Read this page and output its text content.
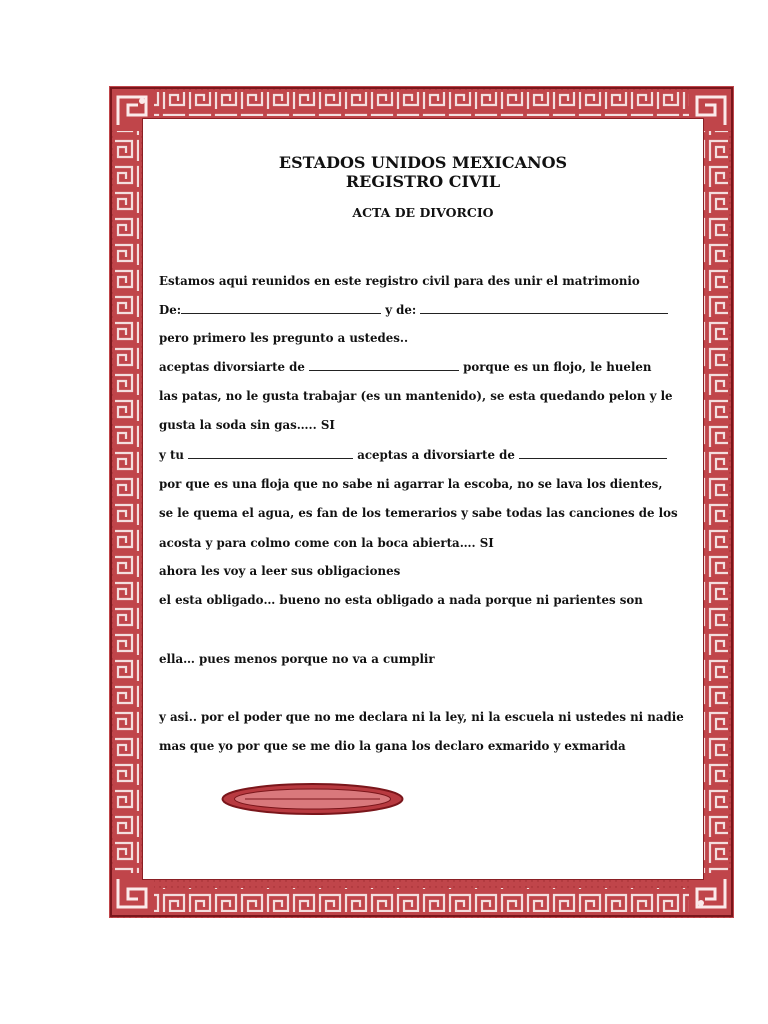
ESTADOS UNIDOS MEXICANOS
REGISTRO CIVIL
ACTA DE DIVORCIO
Estamos aqui reunidos en este registro civil para des unir el matrimonio
De:	y de:
pero primero les pregunto a ustedes..
aceptas divorsiarte de	porque es un flojo, le huelen
las patas, no le gusta trabajar (es un mantenido), se esta quedando pelon y le
gusta la soda sin gas….. SI
y tu	aceptas a divorsiarte de
por que es una floja que no sabe ni agarrar la escoba, no se lava los dientes,
se le quema el agua, es fan de los temerarios y sabe todas las canciones de los
acosta y para colmo come con la boca abierta…. SI
ahora les voy a leer sus obligaciones
el esta obligado… bueno no esta obligado a nada porque ni parientes son
ella… pues menos porque no va a cumplir
y asi.. por el poder que no me declara ni la ley, ni la escuela ni ustedes ni nadie
mas que yo por que se me dio la gana los declaro exmarido y exmarida
